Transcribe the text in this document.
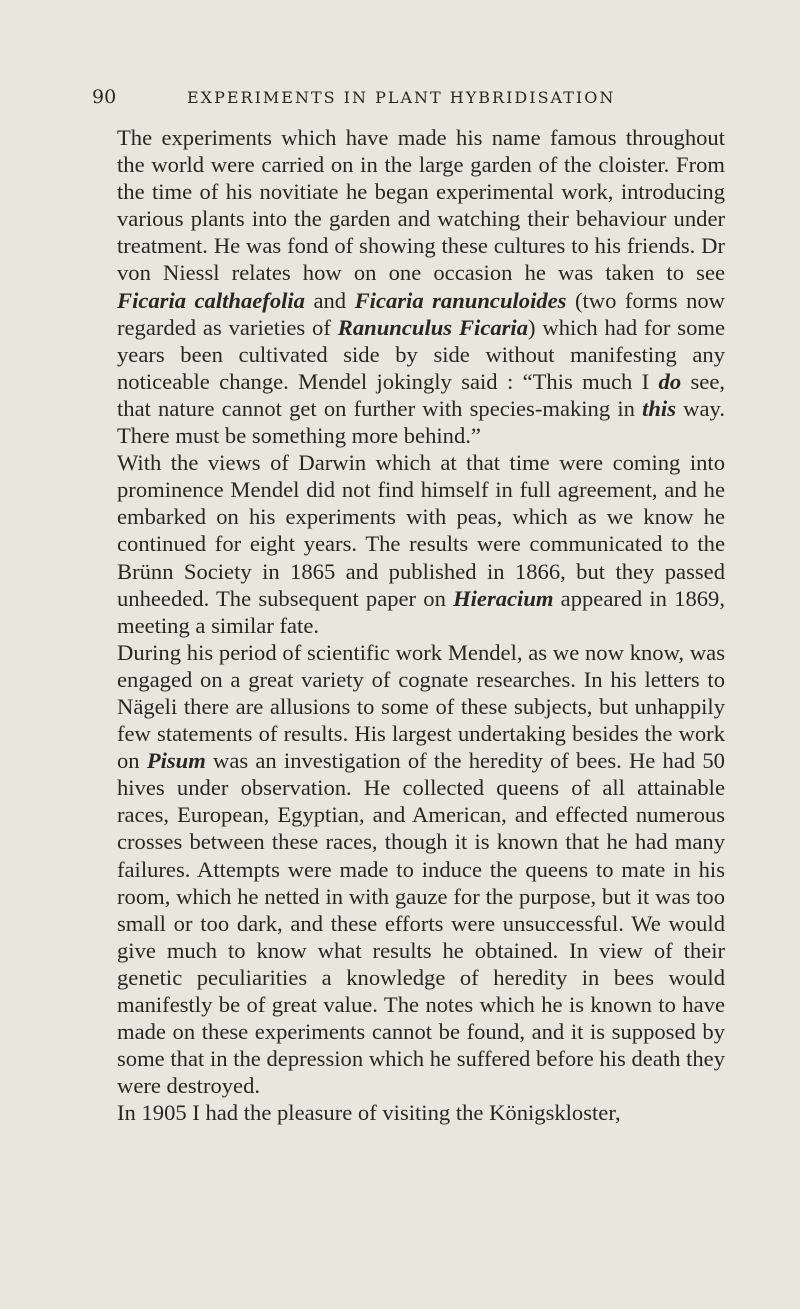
90	EXPERIMENTS IN PLANT HYBRIDISATION

The experiments which have made his name famous throughout the world were carried on in the large garden of the cloister. From the time of his novitiate he began experimental work, introducing various plants into the garden and watching their behaviour under treatment. He was fond of showing these cultures to his friends. Dr von Niessl relates how on one occasion he was taken to see Ficaria calthaefolia and Ficaria ranunculoides (two forms now regarded as varieties of Ranunculus Ficaria) which had for some years been cultivated side by side without manifesting any noticeable change. Mendel jokingly said : “This much I do see, that nature cannot get on further with species-making in this way. There must be something more behind.”

With the views of Darwin which at that time were coming into prominence Mendel did not find himself in full agreement, and he embarked on his experiments with peas, which as we know he continued for eight years. The results were communicated to the Brünn Society in 1865 and published in 1866, but they passed unheeded. The subsequent paper on Hieracium appeared in 1869, meeting a similar fate.

During his period of scientific work Mendel, as we now know, was engaged on a great variety of cognate researches. In his letters to Nägeli there are allusions to some of these subjects, but unhappily few statements of results. His largest undertaking besides the work on Pisum was an investigation of the heredity of bees. He had 50 hives under observation. He collected queens of all attainable races, European, Egyptian, and American, and effected numerous crosses between these races, though it is known that he had many failures. Attempts were made to induce the queens to mate in his room, which he netted in with gauze for the purpose, but it was too small or too dark, and these efforts were unsuccessful. We would give much to know what results he obtained. In view of their genetic peculiarities a knowledge of heredity in bees would manifestly be of great value. The notes which he is known to have made on these experiments cannot be found, and it is supposed by some that in the depression which he suffered before his death they were destroyed.

In 1905 I had the pleasure of visiting the Königskloster,
